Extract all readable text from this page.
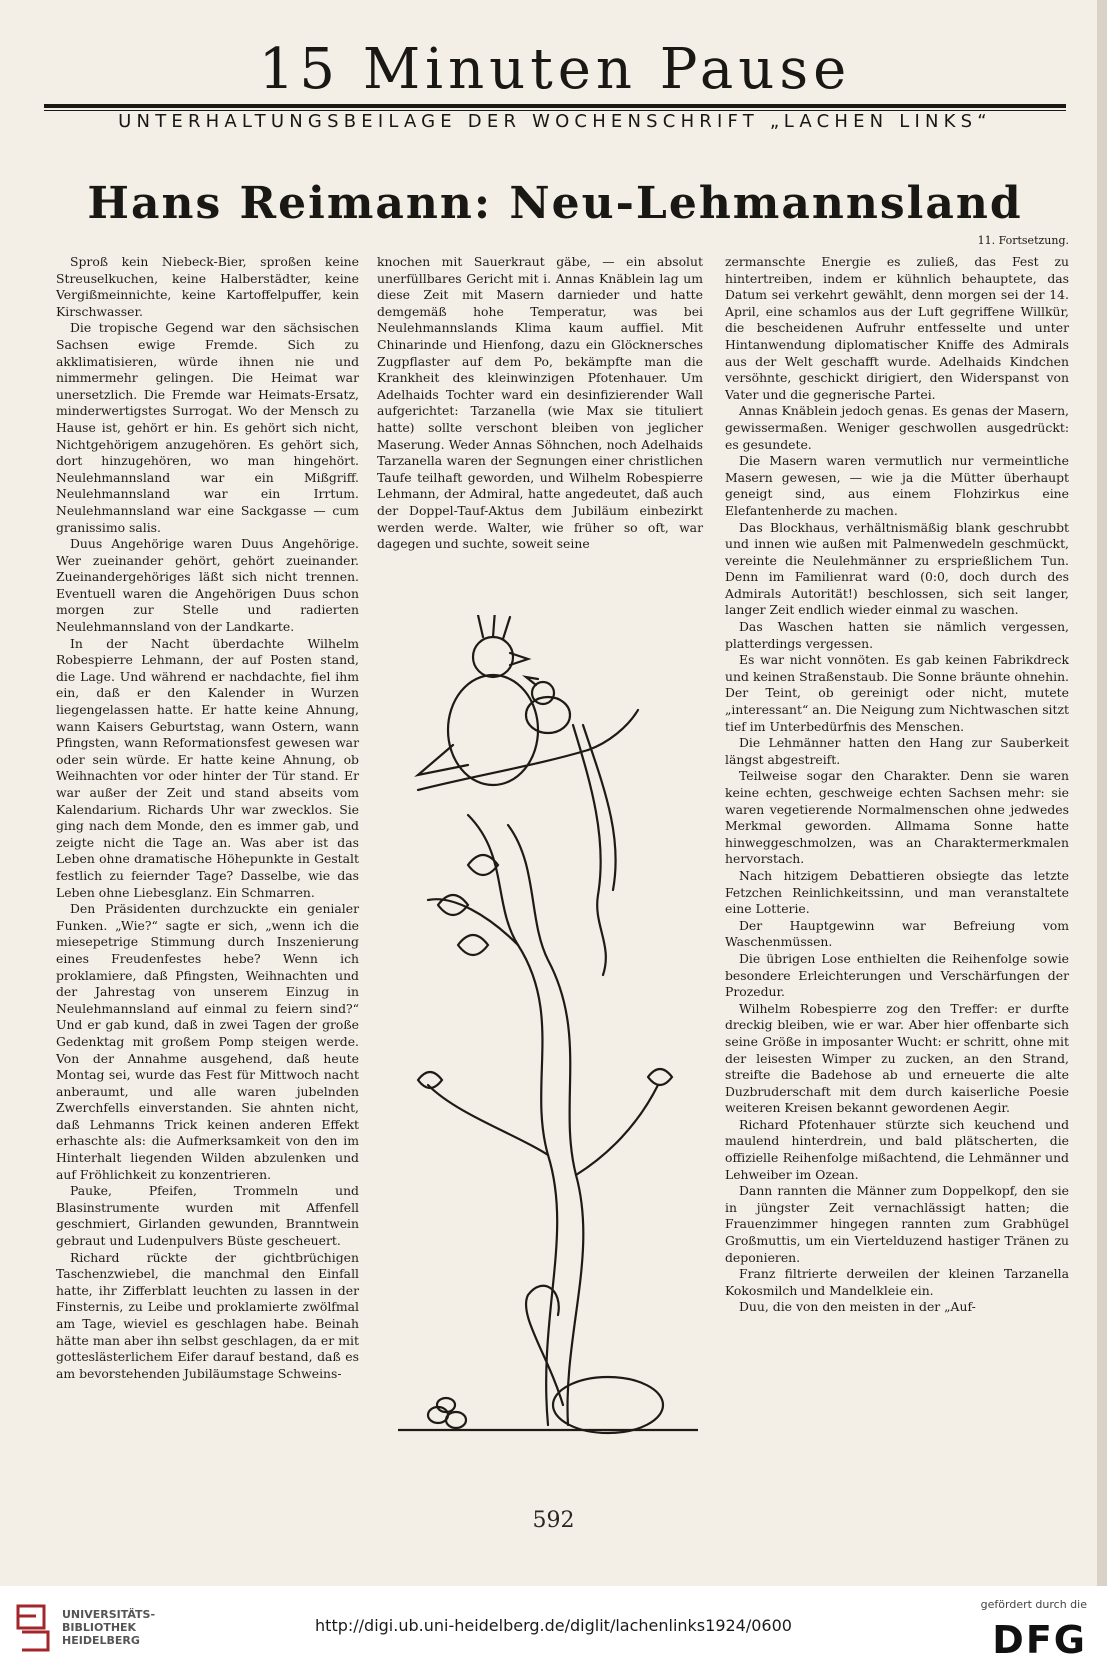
15 Minuten Pause
UNTERHALTUNGSBEILAGE DER WOCHENSCHRIFT „LACHEN LINKS“
Hans Reimann: Neu-Lehmannsland
11. Fortsetzung.

Sproß kein Niebeck-Bier, sproßen keine Streuselkuchen, keine Halberstädter, keine Vergißmeinnichte, keine Kartoffelpuffer, kein Kirschwasser.

Die tropische Gegend war den sächsischen Sachsen ewige Fremde. Sich zu akklimatisieren, würde ihnen nie und nimmermehr gelingen. Die Heimat war unersetzlich. Die Fremde war Heimats-Ersatz, minderwertigstes Surrogat. Wo der Mensch zu Hause ist, gehört er hin. Es gehört sich nicht, Nichtgehörigem anzugehören. Es gehört sich, dort hinzugehören, wo man hingehört. Neulehmannsland war ein Mißgriff. Neulehmannsland war ein Irrtum. Neulehmannsland war eine Sackgasse — cum granissimo salis.

Duus Angehörige waren Duus Angehörige. Wer zueinander gehört, gehört zueinander. Zueinandergehöriges läßt sich nicht trennen. Eventuell waren die Angehörigen Duus schon morgen zur Stelle und radierten Neulehmannsland von der Landkarte.

In der Nacht überdachte Wilhelm Robespierre Lehmann, der auf Posten stand, die Lage. Und während er nachdachte, fiel ihm ein, daß er den Kalender in Wurzen liegengelassen hatte. Er hatte keine Ahnung, wann Kaisers Geburtstag, wann Ostern, wann Pfingsten, wann Reformationsfest gewesen war oder sein würde. Er hatte keine Ahnung, ob Weihnachten vor oder hinter der Tür stand. Er war außer der Zeit und stand abseits vom Kalendarium. Richards Uhr war zwecklos. Sie ging nach dem Monde, den es immer gab, und zeigte nicht die Tage an. Was aber ist das Leben ohne dramatische Höhepunkte in Gestalt festlich zu feiernder Tage? Dasselbe, wie das Leben ohne Liebesglanz. Ein Schmarren.

Den Präsidenten durchzuckte ein genialer Funken. „Wie?“ sagte er sich, „wenn ich die miesepetrige Stimmung durch Inszenierung eines Freudenfestes hebe? Wenn ich proklamiere, daß Pfingsten, Weihnachten und der Jahrestag von unserem Einzug in Neulehmannsland auf einmal zu feiern sind?“ Und er gab kund, daß in zwei Tagen der große Gedenktag mit großem Pomp steigen werde. Von der Annahme ausgehend, daß heute Montag sei, wurde das Fest für Mittwoch nacht anberaumt, und alle waren jubelnden Zwerchfells einverstanden. Sie ahnten nicht, daß Lehmanns Trick keinen anderen Effekt erhaschte als: die Aufmerksamkeit von den im Hinterhalt liegenden Wilden abzulenken und auf Fröhlichkeit zu konzentrieren.

Pauke, Pfeifen, Trommeln und Blasinstrumente wurden mit Affenfell geschmiert, Girlanden gewunden, Branntwein gebraut und Ludenpulvers Büste gescheuert.

Richard rückte der gichtbrüchigen Taschenzwiebel, die manchmal den Einfall hatte, ihr Zifferblatt leuchten zu lassen in der Finsternis, zu Leibe und proklamierte zwölfmal am Tage, wieviel es geschlagen habe. Beinah hätte man aber ihn selbst geschlagen, da er mit gotteslästerlichem Eifer darauf bestand, daß es am bevorstehenden Jubiläumstage Schweins-

knochen mit Sauerkraut gäbe, — ein absolut unerfüllbares Gericht mit i. Annas Knäblein lag um diese Zeit mit Masern darnieder und hatte demgemäß hohe Temperatur, was bei Neulehmannslands Klima kaum auffiel. Mit Chinarinde und Hienfong, dazu ein Glöcknersches Zugpflaster auf dem Po, bekämpfte man die Krankheit des kleinwinzigen Pfotenhauer. Um Adelhaids Tochter ward ein desinfizierender Wall aufgerichtet: Tarzanella (wie Max sie tituliert hatte) sollte verschont bleiben von jeglicher Maserung. Weder Annas Söhnchen, noch Adelhaids Tarzanella waren der Segnungen einer christlichen Taufe teilhaft geworden, und Wilhelm Robespierre Lehmann, der Admiral, hatte angedeutet, daß auch der Doppel-Tauf-Aktus dem Jubiläum einbezirkt werden werde. Walter, wie früher so oft, war dagegen und suchte, soweit seine

zermanschte Energie es zuließ, das Fest zu hintertreiben, indem er kühnlich behauptete, das Datum sei verkehrt gewählt, denn morgen sei der 14. April, eine schamlos aus der Luft gegriffene Willkür, die bescheidenen Aufruhr entfesselte und unter Hintanwendung diplomatischer Kniffe des Admirals aus der Welt geschafft wurde. Adelhaids Kindchen versöhnte, geschickt dirigiert, den Widerspanst von Vater und die gegnerische Partei.

Annas Knäblein jedoch genas. Es genas der Masern, gewissermaßen. Weniger geschwollen ausgedrückt: es gesundete.

Die Masern waren vermutlich nur vermeintliche Masern gewesen, — wie ja die Mütter überhaupt geneigt sind, aus einem Flohzirkus eine Elefantenherde zu machen.

Das Blockhaus, verhältnismäßig blank geschrubbt und innen wie außen mit Palmenwedeln geschmückt, vereinte die Neulehmänner zu ersprießlichem Tun. Denn im Familienrat ward (0:0, doch durch des Admirals Autorität!) beschlossen, sich seit langer, langer Zeit endlich wieder einmal zu waschen.

Das Waschen hatten sie nämlich vergessen, platterdings vergessen.

Es war nicht vonnöten. Es gab keinen Fabrikdreck und keinen Straßenstaub. Die Sonne bräunte ohnehin. Der Teint, ob gereinigt oder nicht, mutete „interessant“ an. Die Neigung zum Nichtwaschen sitzt tief im Unterbedürfnis des Menschen.

Die Lehmänner hatten den Hang zur Sauberkeit längst abgestreift.

Teilweise sogar den Charakter. Denn sie waren keine echten, geschweige echten Sachsen mehr: sie waren vegetierende Normalmenschen ohne jedwedes Merkmal geworden. Allmama Sonne hatte hinweggeschmolzen, was an Charaktermerkmalen hervorstach.

Nach hitzigem Debattieren obsiegte das letzte Fetzchen Reinlichkeitssinn, und man veranstaltete eine Lotterie.

Der Hauptgewinn war Befreiung vom Waschenmüssen.

Die übrigen Lose enthielten die Reihenfolge sowie besondere Erleichterungen und Verschärfungen der Prozedur.

Wilhelm Robespierre zog den Treffer: er durfte dreckig bleiben, wie er war. Aber hier offenbarte sich seine Größe in imposanter Wucht: er schritt, ohne mit der leisesten Wimper zu zucken, an den Strand, streifte die Badehose ab und erneuerte die alte Duzbruderschaft mit dem durch kaiserliche Poesie weiteren Kreisen bekannt gewordenen Aegir.

Richard Pfotenhauer stürzte sich keuchend und maulend hinterdrein, und bald plätscherten, die offizielle Reihenfolge mißachtend, die Lehmänner und Lehweiber im Ozean.

Dann rannten die Männer zum Doppelkopf, den sie in jüngster Zeit vernachlässigt hatten; die Frauenzimmer hingegen rannten zum Grabhügel Großmuttis, um ein Viertelduzend hastiger Tränen zu deponieren.

Franz filtrierte derweilen der kleinen Tarzanella Kokosmilch und Mandelkleie ein.

Duu, die von den meisten in der „Auf-

592
UNIVERSITÄTS-
BIBLIOTHEK
HEIDELBERG
http://digi.ub.uni-heidelberg.de/diglit/lachenlinks1924/0600
gefördert durch die
DFG
